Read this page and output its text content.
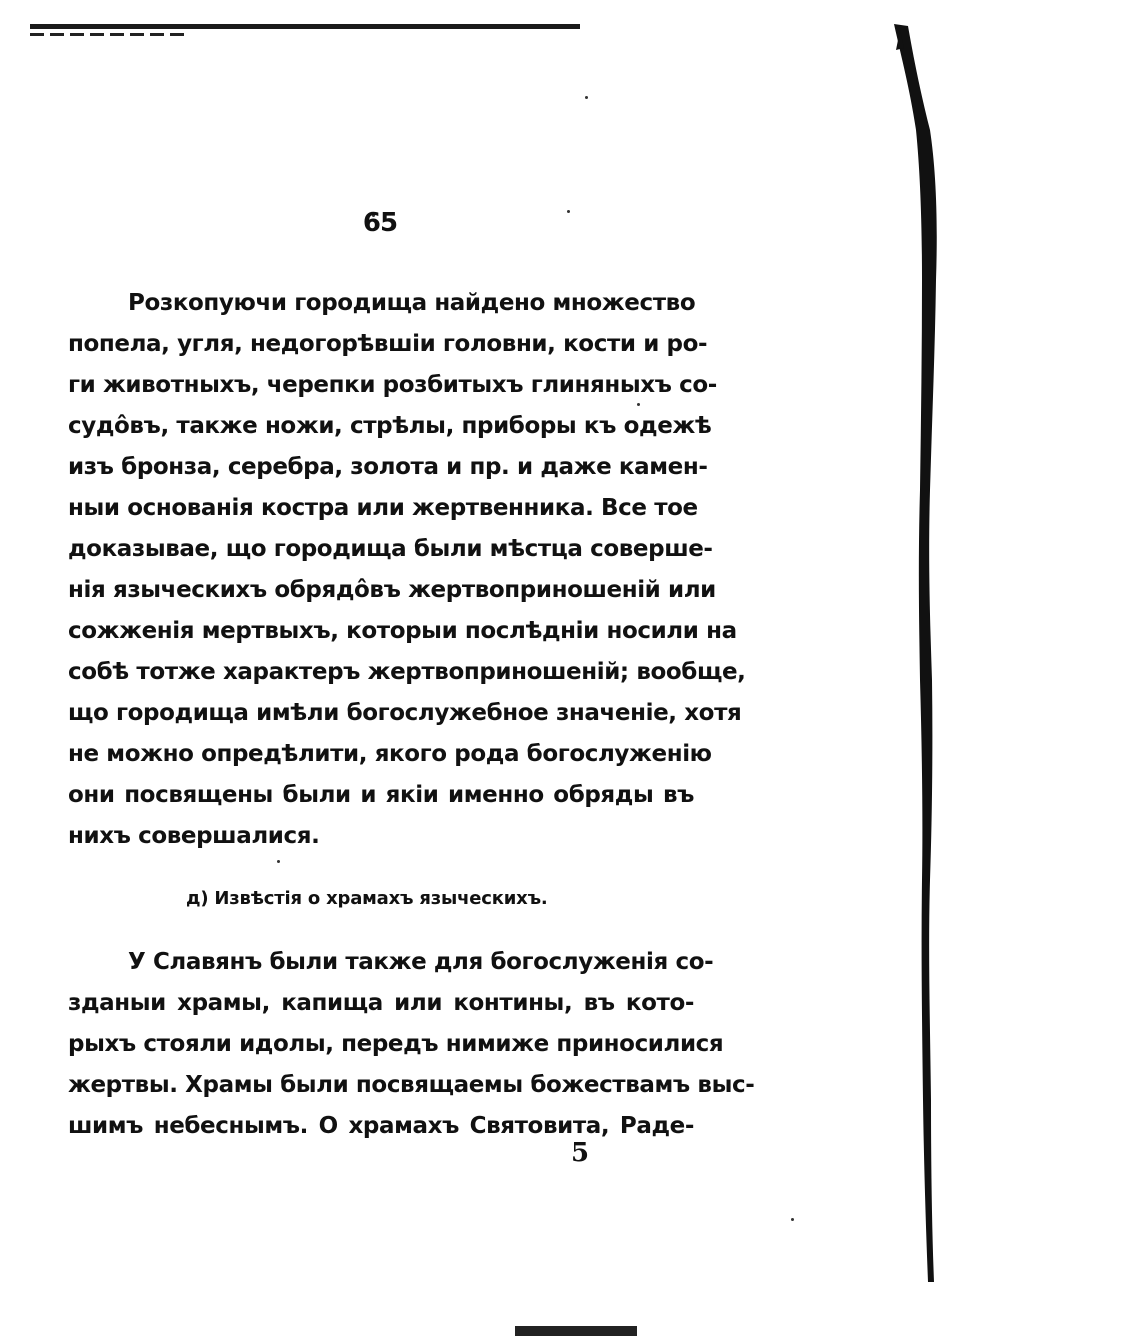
65
Розкопуючи городища найдено множество
попела, угля, недогорѣвшіи головни, кости и ро-
ги животныхъ, черепки розбитыхъ глиняныхъ со-
судôвъ, также ножи, стрѣлы, приборы къ одежѣ
изъ бронза, серебра, золота и пр. и даже камен-
ныи основанія костра или жертвенника. Все тое
доказывае, що городища были мѣстца соверше-
нія языческихъ обрядôвъ жертвоприношеній или
сожженія мертвыхъ, которыи послѣдніи носили на
собѣ тотже характеръ жертвоприношеній; вообще,
що городища имѣли богослужебное значеніе, хотя
не можно опредѣлити, якого рода богослуженію
они посвящены были и якіи именно обряды въ
нихъ совершалися.
д) Извѣстія о храмахъ языческихъ.
У Славянъ были также для богослуженія со-
зданыи храмы, капища или контины, въ кото-
рыхъ стояли идолы, передъ нимиже приносилися
жертвы. Храмы были посвящаемы божествамъ выс-
шимъ небеснымъ. О храмахъ Святовита, Раде-
5
